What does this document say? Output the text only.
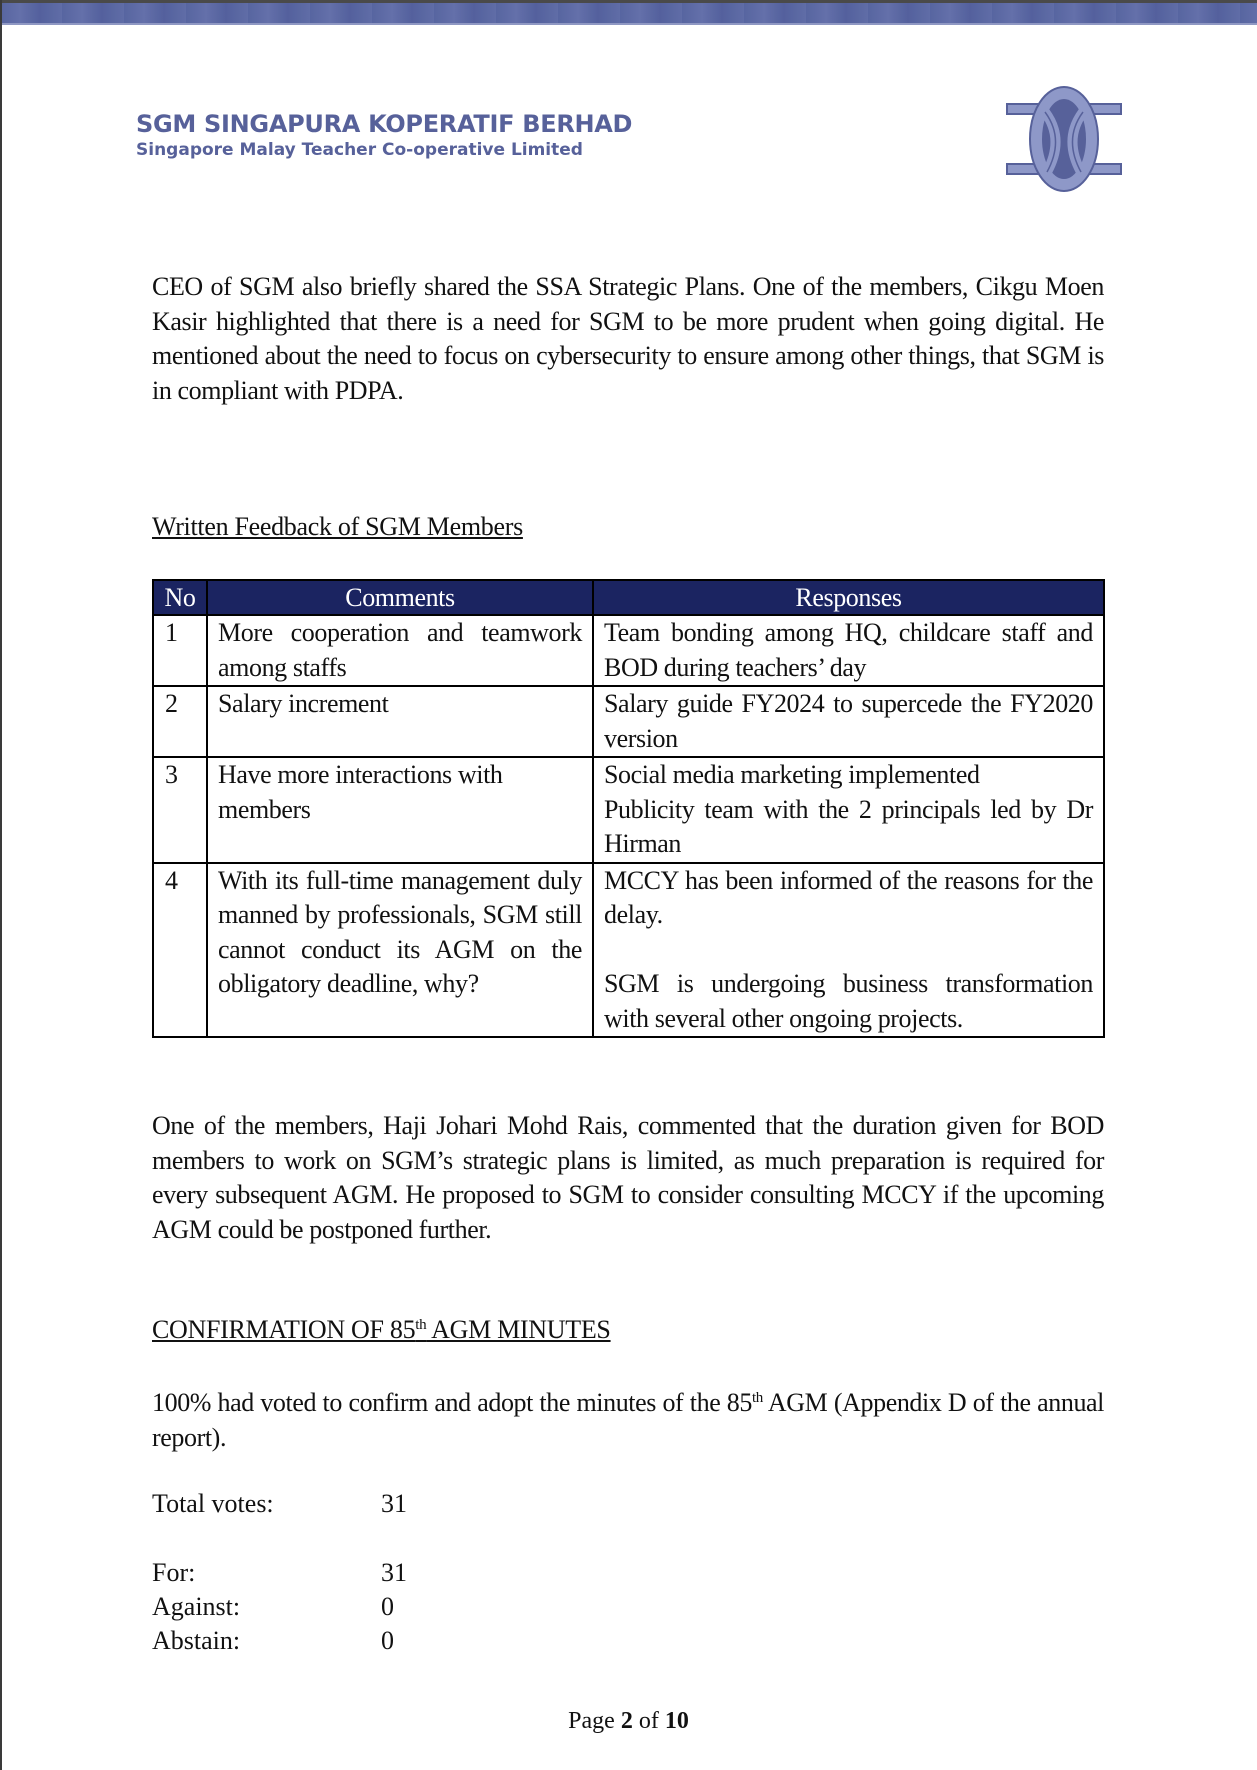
SGM SINGAPURA KOPERATIF BERHAD
Singapore Malay Teacher Co-operative Limited
CEO of SGM also briefly shared the SSA Strategic Plans. One of the members, Cikgu Moen Kasir highlighted that there is a need for SGM to be more prudent when going digital. He mentioned about the need to focus on cybersecurity to ensure among other things, that SGM is in compliant with PDPA.
Written Feedback of SGM Members
No	Comments	Responses
1	More cooperation and teamwork among staffs	Team bonding among HQ, childcare staff and BOD during teachers’ day

2	Salary increment	Salary guide FY2024 to supercede the FY2020 version

3	Have more interactions with members	Social media marketing implemented
Publicity team with the 2 principals led by Dr Hirman

4	With its full-time management duly manned by professionals, SGM still cannot conduct its AGM on the obligatory deadline, why?	MCCY has been informed of the reasons for the delay.
SGM is undergoing business transformation with several other ongoing projects.
One of the members, Haji Johari Mohd Rais, commented that the duration given for BOD members to work on SGM’s strategic plans is limited, as much preparation is required for every subsequent AGM. He proposed to SGM to consider consulting MCCY if the upcoming AGM could be postponed further.
CONFIRMATION OF 85th AGM MINUTES
100% had voted to confirm and adopt the minutes of the 85th AGM (Appendix D of the annual report).
Total votes:	31
For:	31
Against:	0
Abstain:	0
Page 2 of 10
